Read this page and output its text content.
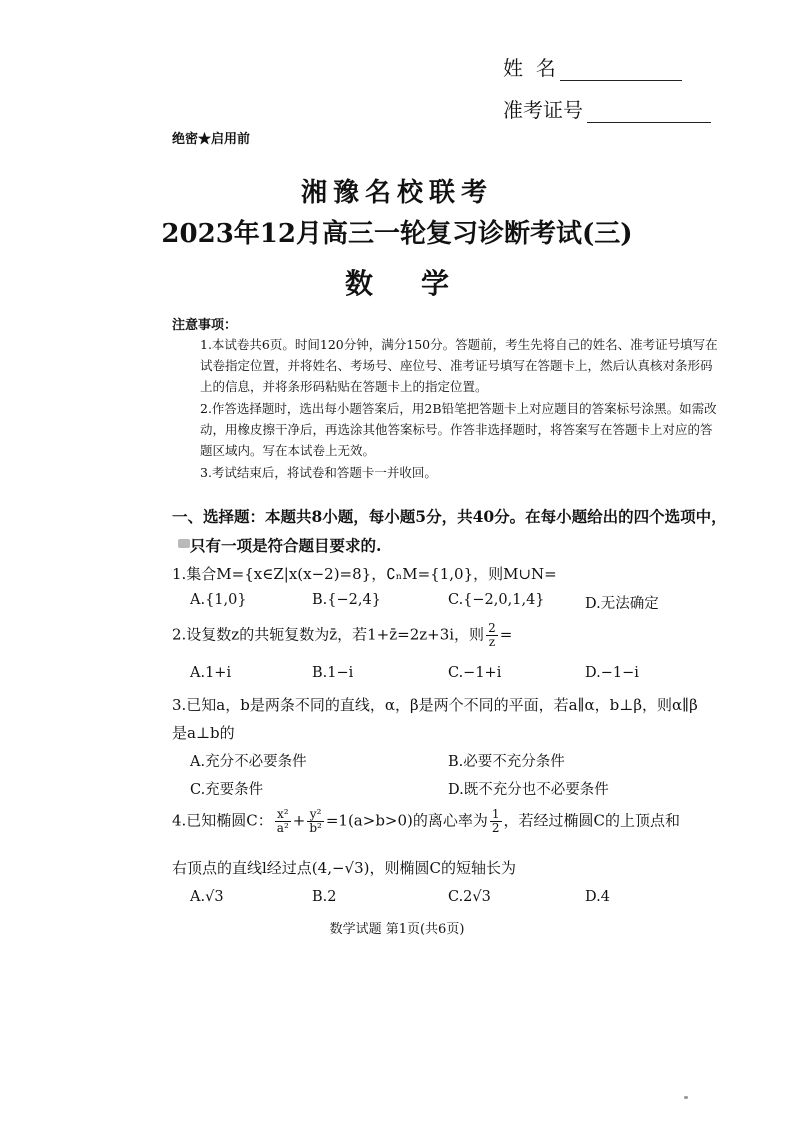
姓  名
准考证号
绝密★启用前
湘豫名校联考
2023年12月高三一轮复习诊断考试(三)
数学
注意事项：
1.本试卷共6页。时间120分钟，满分150分。答题前，考生先将自己的姓名、准考证号填写在试卷指定位置，并将姓名、考场号、座位号、准考证号填写在答题卡上，然后认真核对条形码上的信息，并将条形码粘贴在答题卡上的指定位置。
2.作答选择题时，选出每小题答案后，用2B铅笔把答题卡上对应题目的答案标号涂黑。如需改动，用橡皮擦干净后，再选涂其他答案标号。作答非选择题时，将答案写在答题卡上对应的答题区域内。写在本试卷上无效。
3.考试结束后，将试卷和答题卡一并收回。
一、选择题：本题共8小题，每小题5分，共40分。在每小题给出的四个选项中，
只有一项是符合题目要求的.
1.集合M={x∈Z|x(x−2)=8}，∁ₙM={1,0}，则M∪N=
A.{1,0}	B.{−2,4}	C.{−2,0,1,4}	D.无法确定
2.设复数z的共轭复数为z̄，若1+z̄=2z+3i，则 $\frac{2}{z}$ =
A.1+i	B.1−i	C.−1+i	D.−1−i
3.已知a，b是两条不同的直线，α，β是两个不同的平面，若a∥α，b⊥β，则α∥β
是a⊥b的
A.充分不必要条件	B.必要不充分条件
C.充要条件	D.既不充分也不必要条件
4.已知椭圆C： $\frac{\text{x²}}{\text{a²}} + \frac{\text{y²}}{\text{b²}} =1(a>b>0)$的离心率为 $\frac{1}{2}$ ，若经过椭圆C的上顶点和
右顶点的直线l经过点(4,−√3)，则椭圆C的短轴长为
A.√3	B.2	C.2√3	D.4
数学试题 第1页(共6页)
